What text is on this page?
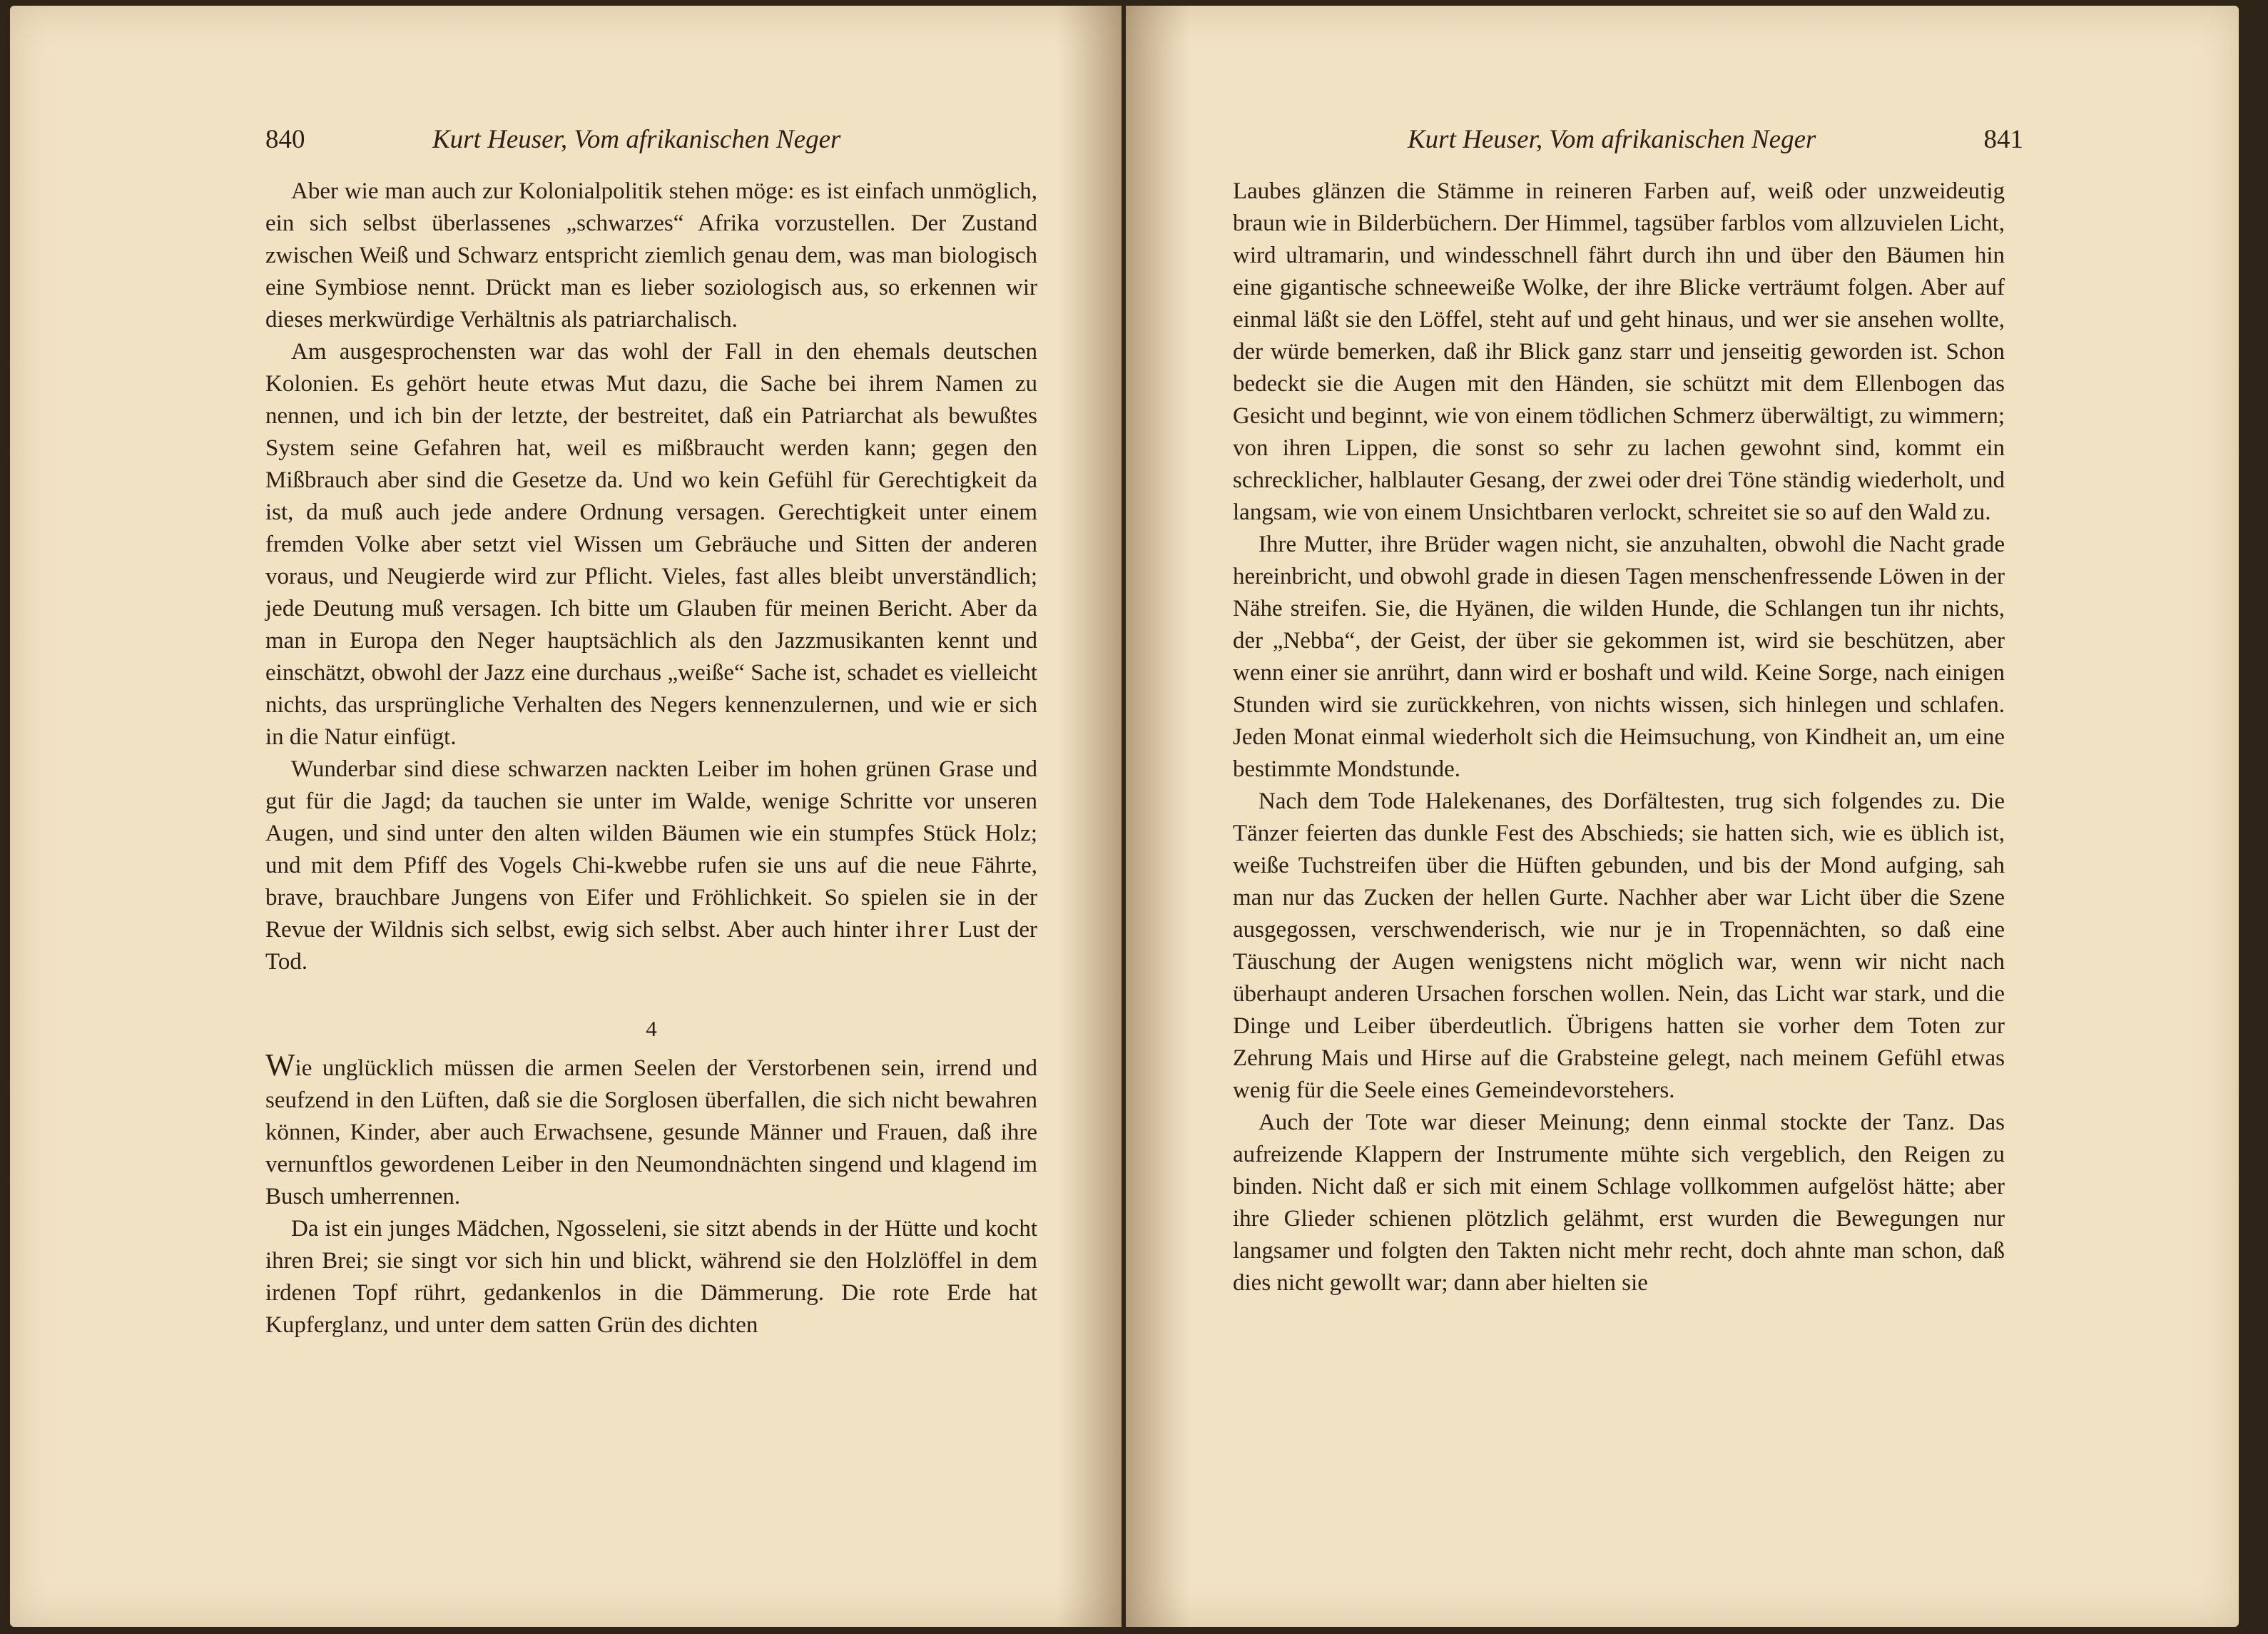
840	Kurt Heuser, Vom afrikanischen Neger

Aber wie man auch zur Kolonialpolitik stehen möge: es ist einfach unmöglich, ein sich selbst überlassenes „schwarzes“ Afrika vorzustellen. Der Zustand zwischen Weiß und Schwarz entspricht ziemlich genau dem, was man biologisch eine Symbiose nennt. Drückt man es lieber soziologisch aus, so erkennen wir dieses merkwürdige Verhältnis als patriarchalisch.

Am ausgesprochensten war das wohl der Fall in den ehemals deutschen Kolonien. Es gehört heute etwas Mut dazu, die Sache bei ihrem Namen zu nennen, und ich bin der letzte, der bestreitet, daß ein Patriarchat als bewußtes System seine Gefahren hat, weil es mißbraucht werden kann; gegen den Mißbrauch aber sind die Gesetze da. Und wo kein Gefühl für Gerechtigkeit da ist, da muß auch jede andere Ordnung versagen. Gerechtigkeit unter einem fremden Volke aber setzt viel Wissen um Gebräuche und Sitten der anderen voraus, und Neugierde wird zur Pflicht. Vieles, fast alles bleibt unverständlich; jede Deutung muß versagen. Ich bitte um Glauben für meinen Bericht. Aber da man in Europa den Neger hauptsächlich als den Jazzmusikanten kennt und einschätzt, obwohl der Jazz eine durchaus „weiße“ Sache ist, schadet es vielleicht nichts, das ursprüngliche Verhalten des Negers kennenzulernen, und wie er sich in die Natur einfügt.

Wunderbar sind diese schwarzen nackten Leiber im hohen grünen Grase und gut für die Jagd; da tauchen sie unter im Walde, wenige Schritte vor unseren Augen, und sind unter den alten wilden Bäumen wie ein stumpfes Stück Holz; und mit dem Pfiff des Vogels Chi-kwebbe rufen sie uns auf die neue Fährte, brave, brauchbare Jungens von Eifer und Fröhlichkeit. So spielen sie in der Revue der Wildnis sich selbst, ewig sich selbst. Aber auch hinter ihrer Lust der Tod.

4

Wie unglücklich müssen die armen Seelen der Verstorbenen sein, irrend und seufzend in den Lüften, daß sie die Sorglosen überfallen, die sich nicht bewahren können, Kinder, aber auch Erwachsene, gesunde Männer und Frauen, daß ihre vernunftlos gewordenen Leiber in den Neumondnächten singend und klagend im Busch umherrennen.

Da ist ein junges Mädchen, Ngosseleni, sie sitzt abends in der Hütte und kocht ihren Brei; sie singt vor sich hin und blickt, während sie den Holzlöffel in dem irdenen Topf rührt, gedankenlos in die Dämmerung. Die rote Erde hat Kupferglanz, und unter dem satten Grün des dichten

Kurt Heuser, Vom afrikanischen Neger	841

Laubes glänzen die Stämme in reineren Farben auf, weiß oder unzweideutig braun wie in Bilderbüchern. Der Himmel, tagsüber farblos vom allzuvielen Licht, wird ultramarin, und windesschnell fährt durch ihn und über den Bäumen hin eine gigantische schneeweiße Wolke, der ihre Blicke verträumt folgen. Aber auf einmal läßt sie den Löffel, steht auf und geht hinaus, und wer sie ansehen wollte, der würde bemerken, daß ihr Blick ganz starr und jenseitig geworden ist. Schon bedeckt sie die Augen mit den Händen, sie schützt mit dem Ellenbogen das Gesicht und beginnt, wie von einem tödlichen Schmerz überwältigt, zu wimmern; von ihren Lippen, die sonst so sehr zu lachen gewohnt sind, kommt ein schrecklicher, halblauter Gesang, der zwei oder drei Töne ständig wiederholt, und langsam, wie von einem Unsichtbaren verlockt, schreitet sie so auf den Wald zu.

Ihre Mutter, ihre Brüder wagen nicht, sie anzuhalten, obwohl die Nacht grade hereinbricht, und obwohl grade in diesen Tagen menschenfressende Löwen in der Nähe streifen. Sie, die Hyänen, die wilden Hunde, die Schlangen tun ihr nichts, der „Nebba“, der Geist, der über sie gekommen ist, wird sie beschützen, aber wenn einer sie anrührt, dann wird er boshaft und wild. Keine Sorge, nach einigen Stunden wird sie zurückkehren, von nichts wissen, sich hinlegen und schlafen. Jeden Monat einmal wiederholt sich die Heimsuchung, von Kindheit an, um eine bestimmte Mondstunde.

Nach dem Tode Halekenanes, des Dorfältesten, trug sich folgendes zu. Die Tänzer feierten das dunkle Fest des Abschieds; sie hatten sich, wie es üblich ist, weiße Tuchstreifen über die Hüften gebunden, und bis der Mond aufging, sah man nur das Zucken der hellen Gurte. Nachher aber war Licht über die Szene ausgegossen, verschwenderisch, wie nur je in Tropennächten, so daß eine Täuschung der Augen wenigstens nicht möglich war, wenn wir nicht nach überhaupt anderen Ursachen forschen wollen. Nein, das Licht war stark, und die Dinge und Leiber überdeutlich. Übrigens hatten sie vorher dem Toten zur Zehrung Mais und Hirse auf die Grabsteine gelegt, nach meinem Gefühl etwas wenig für die Seele eines Gemeindevorstehers.

Auch der Tote war dieser Meinung; denn einmal stockte der Tanz. Das aufreizende Klappern der Instrumente mühte sich vergeblich, den Reigen zu binden. Nicht daß er sich mit einem Schlage vollkommen aufgelöst hätte; aber ihre Glieder schienen plötzlich gelähmt, erst wurden die Bewegungen nur langsamer und folgten den Takten nicht mehr recht, doch ahnte man schon, daß dies nicht gewollt war; dann aber hielten sie
